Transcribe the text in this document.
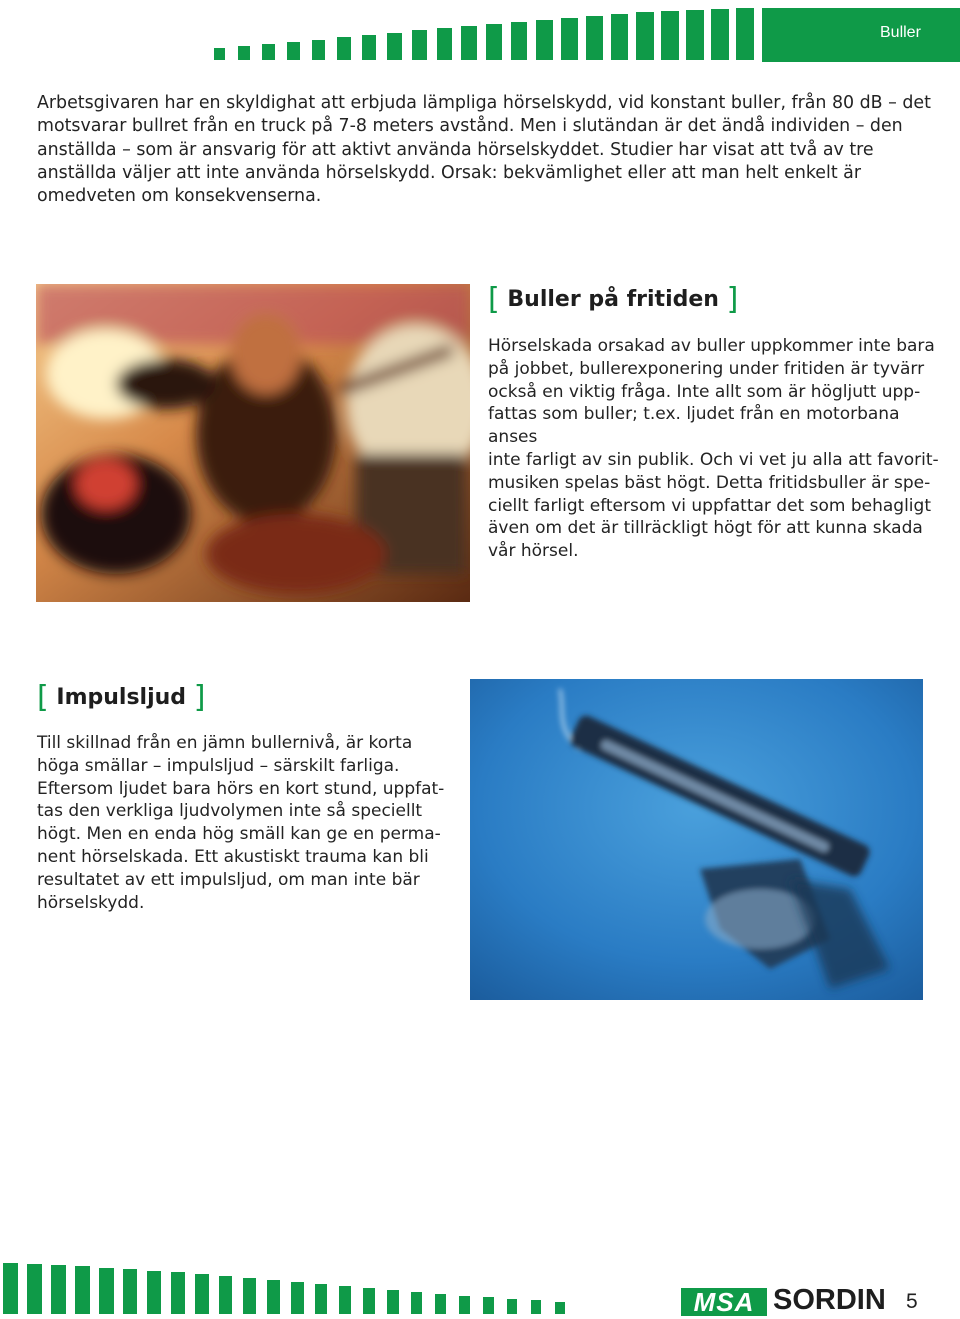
Buller

Arbetsgivaren har en skyldighat att erbjuda lämpliga hörselskydd, vid konstant buller, från 80 dB – det motsvarar bullret från en truck på 7-8 meters avstånd. Men i slutändan är det ändå individen – den anställda – som är ansvarig för att aktivt använda hörselskyddet. Studier har visat att två av tre anställda väljer att inte använda hörselskydd. Orsak: bekvämlighet eller att man helt enkelt är omedveten om konsekvenserna.

[ Buller på fritiden ]
Hörselskada orsakad av buller uppkommer inte bara
på jobbet, bullerexponering under fritiden är tyvärr
också en viktig fråga. Inte allt som är högljutt upp-
fattas som buller; t.ex. ljudet från en motorbana anses
inte farligt av sin publik. Och vi vet ju alla att favorit-
musiken spelas bäst högt. Detta fritidsbuller är spe-
ciellt farligt eftersom vi uppfattar det som behagligt
även om det är tillräckligt högt för att kunna skada
vår hörsel.
[ Impulsljud ]
Till skillnad från en jämn bullernivå, är korta
höga smällar – impulsljud – särskilt farliga.
Eftersom ljudet bara hörs en kort stund, uppfat-
tas den verkliga ljudvolymen inte så speciellt
högt. Men en enda hög smäll kan ge en perma-
nent hörselskada. Ett akustiskt trauma kan bli
resultatet av ett impulsljud, om man inte bär
hörselskydd.
MSA SORDIN 5
